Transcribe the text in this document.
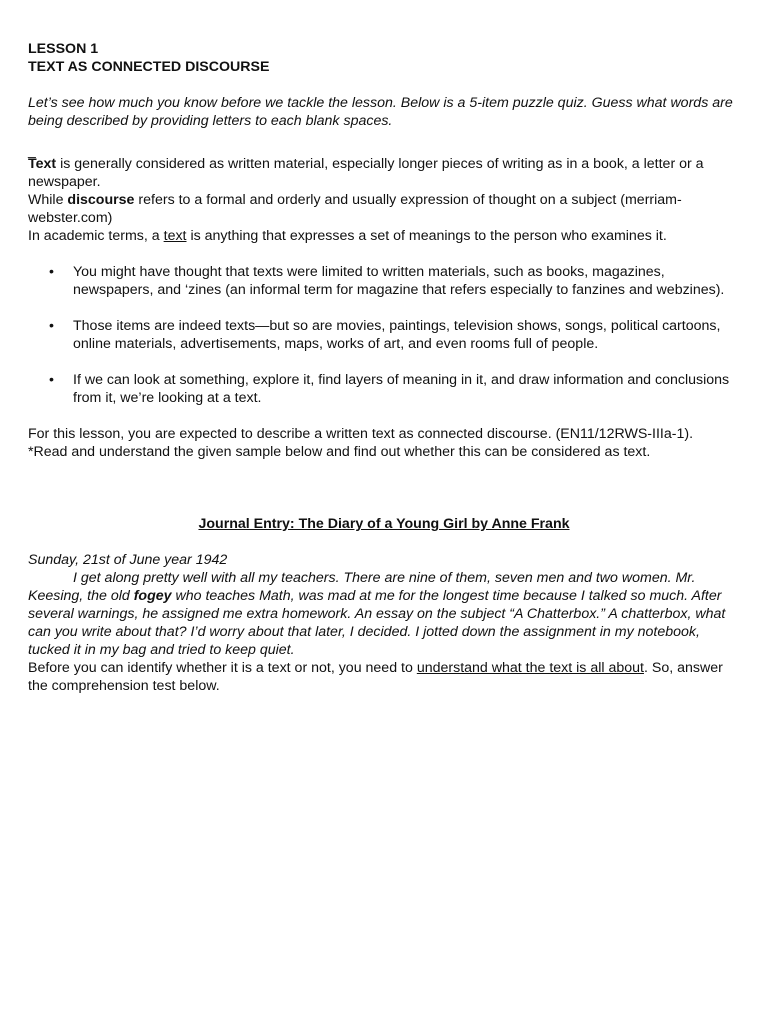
LESSON 1
TEXT AS CONNECTED DISCOURSE

Let’s see how much you know before we tackle the lesson. Below is a 5-item puzzle quiz. Guess what words are being described by providing letters to each blank spaces.

_

Text is generally considered as written material, especially longer pieces of writing as in a book, a letter or a newspaper.

While discourse refers to a formal and orderly and usually expression of thought on a subject (merriam-webster.com)

In academic terms, a text is anything that expresses a set of meanings to the person who examines it.

• You might have thought that texts were limited to written materials, such as books, magazines, newspapers, and ‘zines (an informal term for magazine that refers especially to fanzines and webzines).
• Those items are indeed texts—but so are movies, paintings, television shows, songs, political cartoons, online materials, advertisements, maps, works of art, and even rooms full of people.
• If we can look at something, explore it, find layers of meaning in it, and draw information and conclusions from it, we’re looking at a text.

For this lesson, you are expected to describe a written text as connected discourse. (EN11/12RWS-IIIa-1).

*Read and understand the given sample below and find out whether this can be considered as text.

Journal Entry: The Diary of a Young Girl by Anne Frank
Sunday, 21st of June year 1942

I get along pretty well with all my teachers. There are nine of them, seven men and two women. Mr. Keesing, the old fogey who teaches Math, was mad at me for the longest time because I talked so much. After several warnings, he assigned me extra homework. An essay on the subject “A Chatterbox.” A chatterbox, what can you write about that? I’d worry about that later, I decided. I jotted down the assignment in my notebook, tucked it in my bag and tried to keep quiet.

Before you can identify whether it is a text or not, you need to understand what the text is all about. So, answer the comprehension test below.
